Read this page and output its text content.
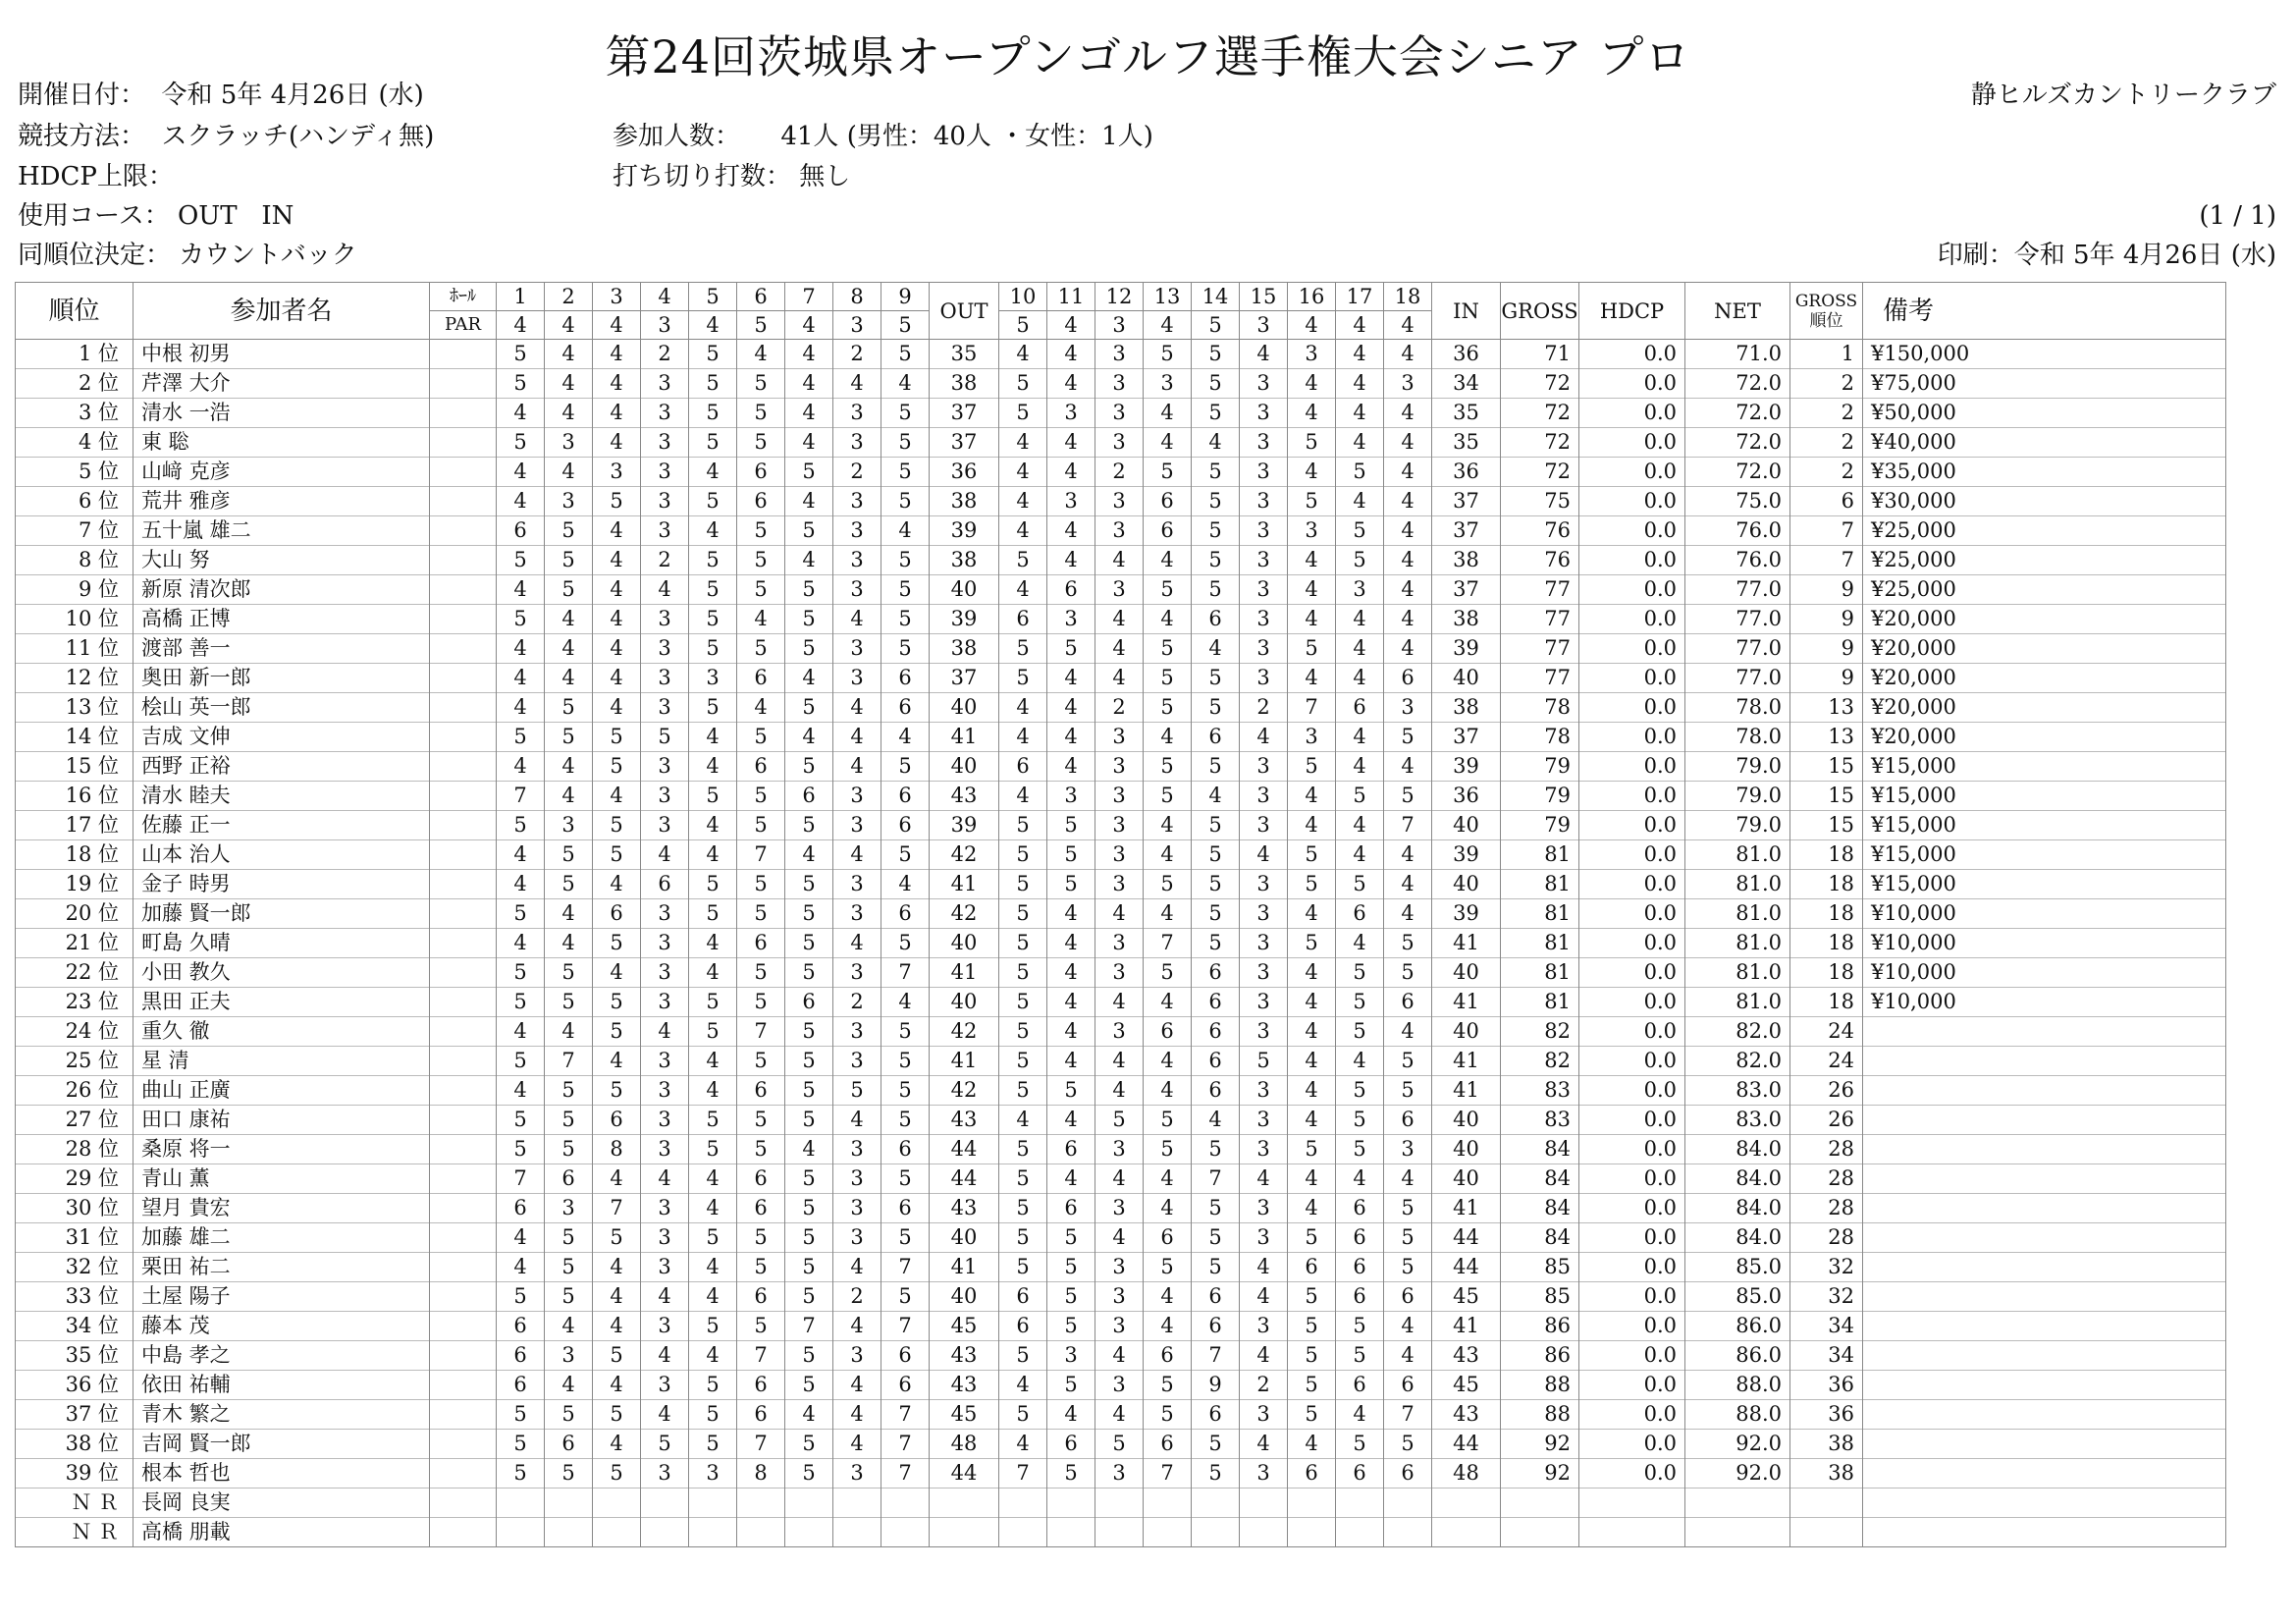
第24回茨城県オープンゴルフ選手権大会シニア プロ
開催日付： 令和 5年 4月26日 (水)	静ヒルズカントリークラブ
競技方法： スクラッチ(ハンディ無)	参加人数： 41人 (男性：40人 ・女性：1人)
HDCP上限：	打ち切り打数： 無し
使用コース： OUT   IN	(1 / 1)
同順位決定： カウントバック	印刷：令和 5年 4月26日 (水)
順位	参加者名	ﾎｰﾙ	1	2	3	4	5	6	7	8	9	OUT	10	11	12	13	14	15	16	17	18	IN	GROSS	HDCP	NET	GROSS順位	備考
		PAR	4	4	4	3	4	5	4	3	5		5	4	3	4	5	3	4	4	4						
1 位	中根 初男		5	4	4	2	5	4	4	2	5	35	4	4	3	5	5	4	3	4	4	36	71	0.0	71.0	1	¥150,000
2 位	芹澤 大介		5	4	4	3	5	5	4	4	4	38	5	4	3	3	5	3	4	4	3	34	72	0.0	72.0	2	¥75,000
3 位	清水 一浩		4	4	4	3	5	5	4	3	5	37	5	3	3	4	5	3	4	4	4	35	72	0.0	72.0	2	¥50,000
4 位	東 聡		5	3	4	3	5	5	4	3	5	37	4	4	3	4	4	3	5	4	4	35	72	0.0	72.0	2	¥40,000
5 位	山﨑 克彦		4	4	3	3	4	6	5	2	5	36	4	4	2	5	5	3	4	5	4	36	72	0.0	72.0	2	¥35,000
6 位	荒井 雅彦		4	3	5	3	5	6	4	3	5	38	4	3	3	6	5	3	5	4	4	37	75	0.0	75.0	6	¥30,000
7 位	五十嵐 雄二		6	5	4	3	4	5	5	3	4	39	4	4	3	6	5	3	3	5	4	37	76	0.0	76.0	7	¥25,000
8 位	大山 努		5	5	4	2	5	5	4	3	5	38	5	4	4	4	5	3	4	5	4	38	76	0.0	76.0	7	¥25,000
9 位	新原 清次郎		4	5	4	4	5	5	5	3	5	40	4	6	3	5	5	3	4	3	4	37	77	0.0	77.0	9	¥25,000
10 位	高橋 正博		5	4	4	3	5	4	5	4	5	39	6	3	4	4	6	3	4	4	4	38	77	0.0	77.0	9	¥20,000
11 位	渡部 善一		4	4	4	3	5	5	5	3	5	38	5	5	4	5	4	3	5	4	4	39	77	0.0	77.0	9	¥20,000
12 位	奥田 新一郎		4	4	4	3	3	6	4	3	6	37	5	4	4	5	5	3	4	4	6	40	77	0.0	77.0	9	¥20,000
13 位	桧山 英一郎		4	5	4	3	5	4	5	4	6	40	4	4	2	5	5	2	7	6	3	38	78	0.0	78.0	13	¥20,000
14 位	吉成 文伸		5	5	5	5	4	5	4	4	4	41	4	4	3	4	6	4	3	4	5	37	78	0.0	78.0	13	¥20,000
15 位	西野 正裕		4	4	5	3	4	6	5	4	5	40	6	4	3	5	5	3	5	4	4	39	79	0.0	79.0	15	¥15,000
16 位	清水 睦夫		7	4	4	3	5	5	6	3	6	43	4	3	3	5	4	3	4	5	5	36	79	0.0	79.0	15	¥15,000
17 位	佐藤 正一		5	3	5	3	4	5	5	3	6	39	5	5	3	4	5	3	4	4	7	40	79	0.0	79.0	15	¥15,000
18 位	山本 治人		4	5	5	4	4	7	4	4	5	42	5	5	3	4	5	4	5	4	4	39	81	0.0	81.0	18	¥15,000
19 位	金子 時男		4	5	4	6	5	5	5	3	4	41	5	5	3	5	5	3	5	5	4	40	81	0.0	81.0	18	¥15,000
20 位	加藤 賢一郎		5	4	6	3	5	5	5	3	6	42	5	4	4	4	5	3	4	6	4	39	81	0.0	81.0	18	¥10,000
21 位	町島 久晴		4	4	5	3	4	6	5	4	5	40	5	4	3	7	5	3	5	4	5	41	81	0.0	81.0	18	¥10,000
22 位	小田 教久		5	5	4	3	4	5	5	3	7	41	5	4	3	5	6	3	4	5	5	40	81	0.0	81.0	18	¥10,000
23 位	黒田 正夫		5	5	5	3	5	5	6	2	4	40	5	4	4	4	6	3	4	5	6	41	81	0.0	81.0	18	¥10,000
24 位	重久 徹		4	4	5	4	5	7	5	3	5	42	5	4	3	6	6	3	4	5	4	40	82	0.0	82.0	24	
25 位	星 清		5	7	4	3	4	5	5	3	5	41	5	4	4	4	6	5	4	4	5	41	82	0.0	82.0	24	
26 位	曲山 正廣		4	5	5	3	4	6	5	5	5	42	5	5	4	4	6	3	4	5	5	41	83	0.0	83.0	26	
27 位	田口 康祐		5	5	6	3	5	5	5	4	5	43	4	4	5	5	4	3	4	5	6	40	83	0.0	83.0	26	
28 位	桑原 将一		5	5	8	3	5	5	4	3	6	44	5	6	3	5	5	3	5	5	3	40	84	0.0	84.0	28	
29 位	青山 薫		7	6	4	4	4	6	5	3	5	44	5	4	4	4	7	4	4	4	4	40	84	0.0	84.0	28	
30 位	望月 貴宏		6	3	7	3	4	6	5	3	6	43	5	6	3	4	5	3	4	6	5	41	84	0.0	84.0	28	
31 位	加藤 雄二		4	5	5	3	5	5	5	3	5	40	5	5	4	6	5	3	5	6	5	44	84	0.0	84.0	28	
32 位	栗田 祐二		4	5	4	3	4	5	5	4	7	41	5	5	3	5	5	4	6	6	5	44	85	0.0	85.0	32	
33 位	土屋 陽子		5	5	4	4	4	6	5	2	5	40	6	5	3	4	6	4	5	6	6	45	85	0.0	85.0	32	
34 位	藤本 茂		6	4	4	3	5	5	7	4	7	45	6	5	3	4	6	3	5	5	4	41	86	0.0	86.0	34	
35 位	中島 孝之		6	3	5	4	4	7	5	3	6	43	5	3	4	6	7	4	5	5	4	43	86	0.0	86.0	34	
36 位	依田 祐輔		6	4	4	3	5	6	5	4	6	43	4	5	3	5	9	2	5	6	6	45	88	0.0	88.0	36	
37 位	青木 繁之		5	5	5	4	5	6	4	4	7	45	5	4	4	5	6	3	5	4	7	43	88	0.0	88.0	36	
38 位	吉岡 賢一郎		5	6	4	5	5	7	5	4	7	48	4	6	5	6	5	4	4	5	5	44	92	0.0	92.0	38	
39 位	根本 哲也		5	5	5	3	3	8	5	3	7	44	7	5	3	7	5	3	6	6	6	48	92	0.0	92.0	38	
Ｎ Ｒ	長岡 良実																										
Ｎ Ｒ	高橋 朋載																										
